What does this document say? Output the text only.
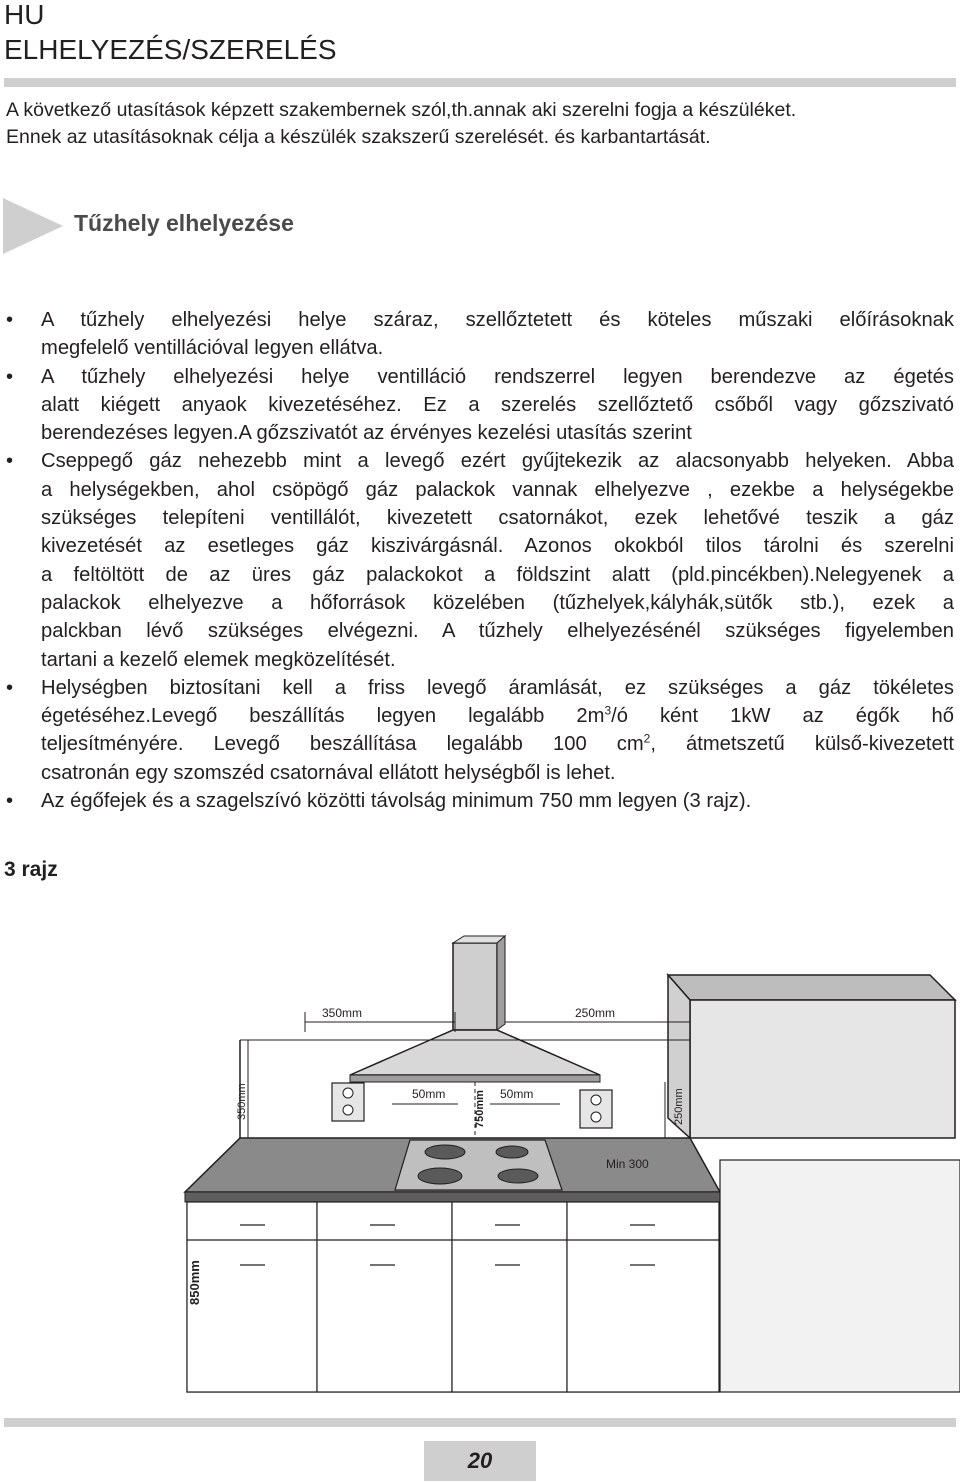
HU
ELHELYEZÉS/SZERELÉS
A következő utasítások képzett szakembernek szól,th.annak aki szerelni fogja a készüléket.
Ennek az utasításoknak célja a készülék szakszerű szerelését. és karbantartását.
Tűzhely elhelyezése
• A tűzhely elhelyezési helye száraz, szellőztetett és köteles műszaki előírásoknak
megfelelő ventillációval legyen ellátva.
• A tűzhely elhelyezési helye ventilláció rendszerrel legyen berendezve az égetés
alatt kiégett anyaok kivezetéséhez. Ez a szerelés szellőztető csőből vagy gőzszivató
berendezéses legyen.A gőzszivatót az érvényes kezelési utasítás szerint
• Cseppegő gáz nehezebb mint a levegő ezért gyűjtekezik az alacsonyabb helyeken. Abba
a helységekben, ahol csöpögő gáz palackok vannak elhelyezve , ezekbe a helységekbe
szükséges telepíteni ventillálót, kivezetett csatornákot, ezek lehetővé teszik a gáz
kivezetését az esetleges gáz kiszivárgásnál. Azonos okokból tilos tárolni és szerelni
a feltöltött de az üres gáz palackokot a földszint alatt (pld.pincékben).Nelegyenek a
palackok elhelyezve a hőforrások közelében (tűzhelyek,kályhák,sütők stb.), ezek a
palckban lévő szükséges elvégezni. A tűzhely elhelyezésénél szükséges figyelemben
tartani a kezelő elemek megközelítését.
• Helységben biztosítani kell a friss levegő áramlását, ez szükséges a gáz tökéletes
égetéséhez.Levegő beszállítás legyen legalább $2m^3/ó$ ként 1kW az égők hő
teljesítményére. Levegő beszállítása legalább 100 $cm^2$, átmetszetű külső-kivezetett
csatronán egy szomszéd csatornával ellátott helységből is lehet.
• Az égőfejek és a szagelszívó közötti távolság minimum 750 mm legyen (3 rajz).
3 rajz
350mm	250mm
350mm	50mm	50mm
750mm	250mm
Min 300
850mm
20
